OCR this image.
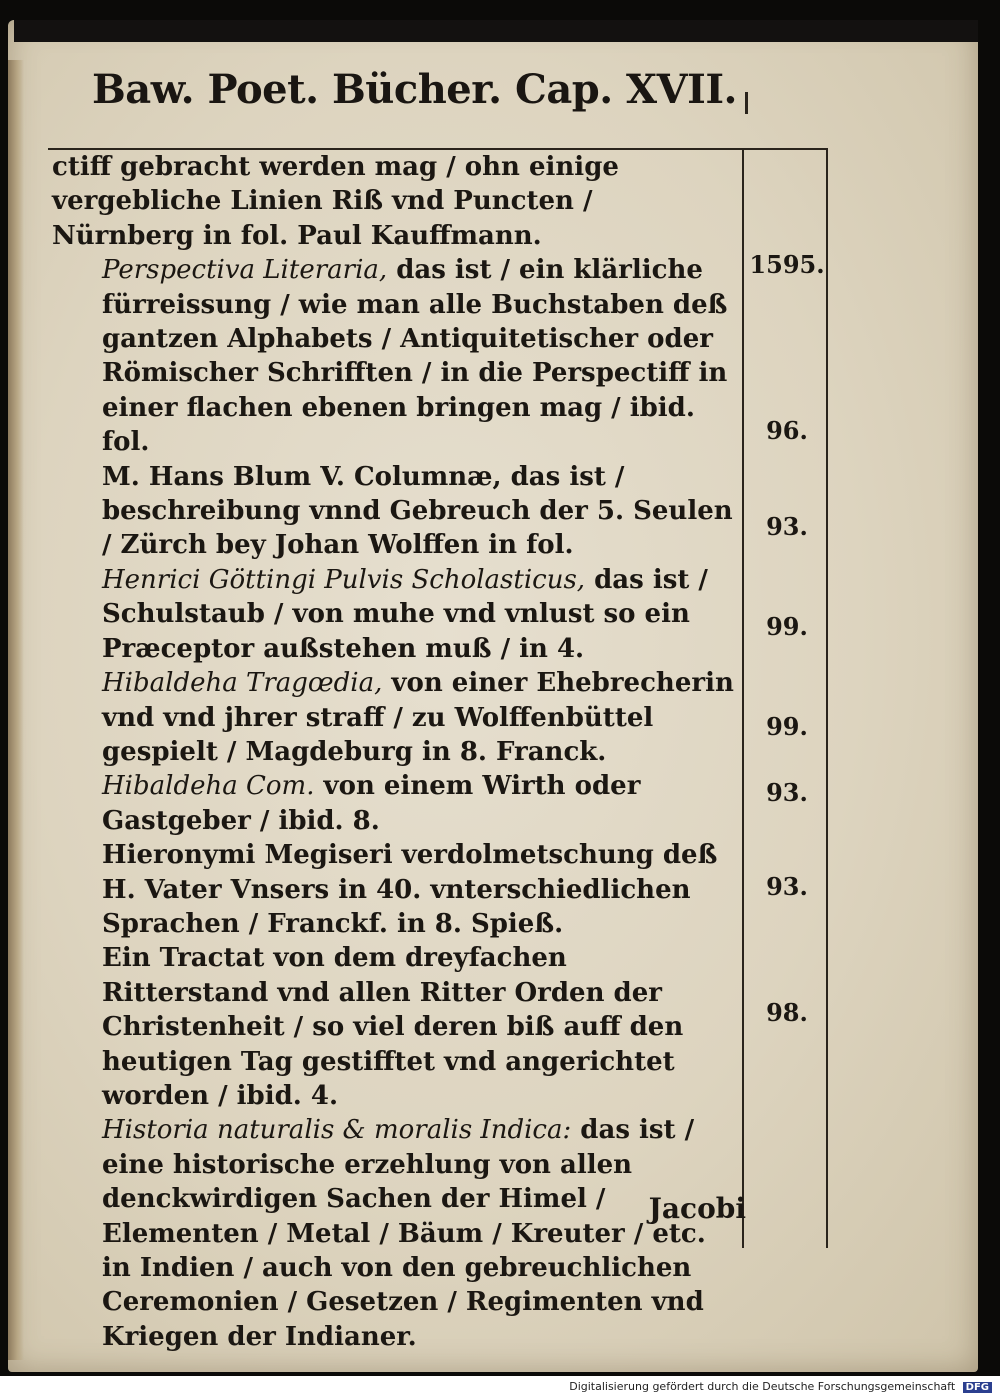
Baw. Poet. Bücher. Cap. XVII.

ctiff gebracht werden mag / ohn einige vergebliche Linien Riß vnd Puncten / Nürnberg in fol. Paul Kauffmann.

Perspectiva Literaria, das ist / ein klärliche fürreissung / wie man alle Buchstaben deß gantzen Alphabets / Antiquitetischer oder Römischer Schrifften / in die Perspectiff in einer flachen ebenen bringen mag / ibid. fol.

M. Hans Blum V. Columnæ, das ist / beschreibung vnnd Gebreuch der 5. Seulen / Zürch bey Johan Wolffen in fol.

Henrici Göttingi Pulvis Scholasticus, das ist / Schulstaub / von muhe vnd vnlust so ein Præceptor außstehen muß / in 4.

Hibaldeha Tragœdia, von einer Ehebrecherin vnd vnd jhrer straff / zu Wolffenbüttel gespielt / Magdeburg in 8. Franck.

Hibaldeha Com. von einem Wirth oder Gastgeber / ibid. 8.

Hieronymi Megiseri verdolmetschung deß H. Vater Vnsers in 40. vnterschiedlichen Sprachen / Franckf. in 8. Spieß.

Ein Tractat von dem dreyfachen Ritterstand vnd allen Ritter Orden der Christenheit / so viel deren biß auff den heutigen Tag gestifftet vnd angerichtet worden / ibid. 4.

Historia naturalis & moralis Indica: das ist / eine historische erzehlung von allen denckwirdigen Sachen der Himel / Elementen / Metal / Bäum / Kreuter / etc. in Indien / auch von den gebreuchlichen Ceremonien / Gesetzen / Regimenten vnd Kriegen der Indianer.

1595.
96.
93.
99.
99.
93.
93.
98.
Jacobi
Digitalisierung gefördert durch die Deutsche Forschungsgemeinschaft DFG
